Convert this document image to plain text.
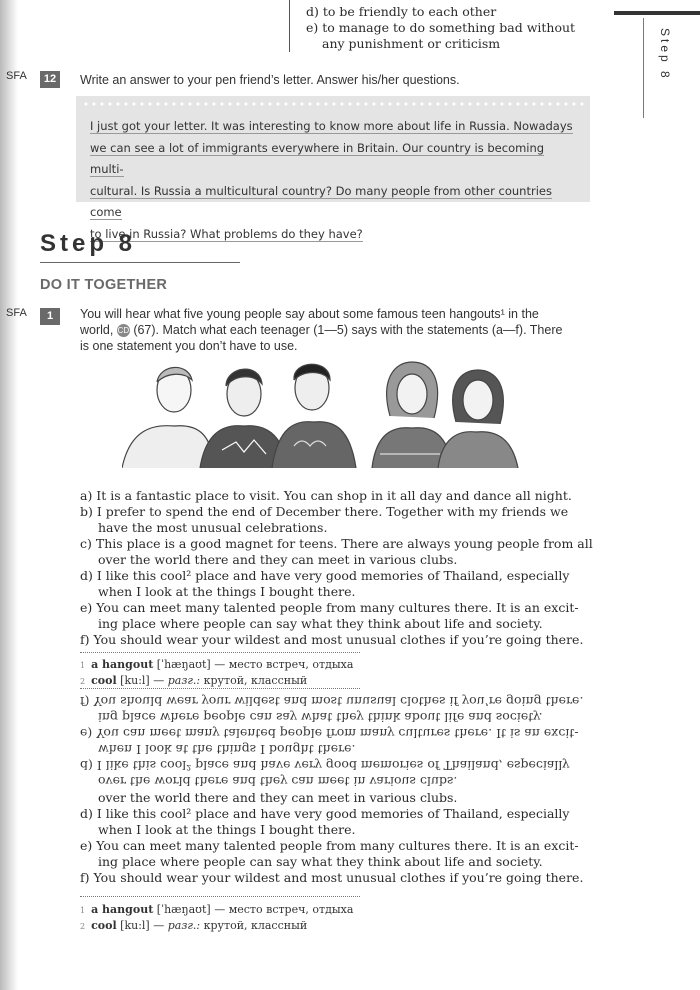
Step 8
d) to be friendly to each other
e) to manage to do something bad without
any punishment or criticism
SFA	12	Write an answer to your pen friend’s letter. Answer his/her questions.
I just got your letter. It was interesting to know more about life in Russia. Nowadays
we can see a lot of immigrants everywhere in Britain. Our country is becoming multi-
cultural. Is Russia a multicultural country? Do many people from other countries come
to live in Russia? What problems do they have?
Step 8
DO IT TOGETHER
SFA	1	You will hear what five young people say about some famous teen hangouts¹ in the
world, CD (67). Match what each teenager (1—5) says with the statements (a—f). There
is one statement you don’t have to use.
a) It is a fantastic place to visit. You can shop in it all day and dance all night.
b) I prefer to spend the end of December there. Together with my friends we
have the most unusual celebrations.
c) This place is a good magnet for teens. There are always young people from all
over the world there and they can meet in various clubs.
d) I like this cool² place and have very good memories of Thailand, especially
when I look at the things I bought there.
e) You can meet many talented people from many cultures there. It is an excit-
ing place where people can say what they think about life and society.
f) You should wear your wildest and most unusual clothes if you’re going there.
1 a hangout [ˈhæŋaʊt] — место встреч, отдыха
2 cool [ku:l] — разг.: крутой, классный
over the world there and they can meet in various clubs.
d) I like this cool² place and have very good memories of Thailand, especially
when I look at the things I bought there.
e) You can meet many talented people from many cultures there. It is an excit-
ing place where people can say what they think about life and society.
f) You should wear your wildest and most unusual clothes if you’re going there.
over the world there and they can meet in various clubs.
d) I like this cool² place and have very good memories of Thailand, especially
when I look at the things I bought there.
e) You can meet many talented people from many cultures there. It is an excit-
ing place where people can say what they think about life and society.
f) You should wear your wildest and most unusual clothes if you’re going there.
1 a hangout [ˈhæŋaʊt] — место встреч, отдыха
2 cool [ku:l] — разг.: крутой, классный
